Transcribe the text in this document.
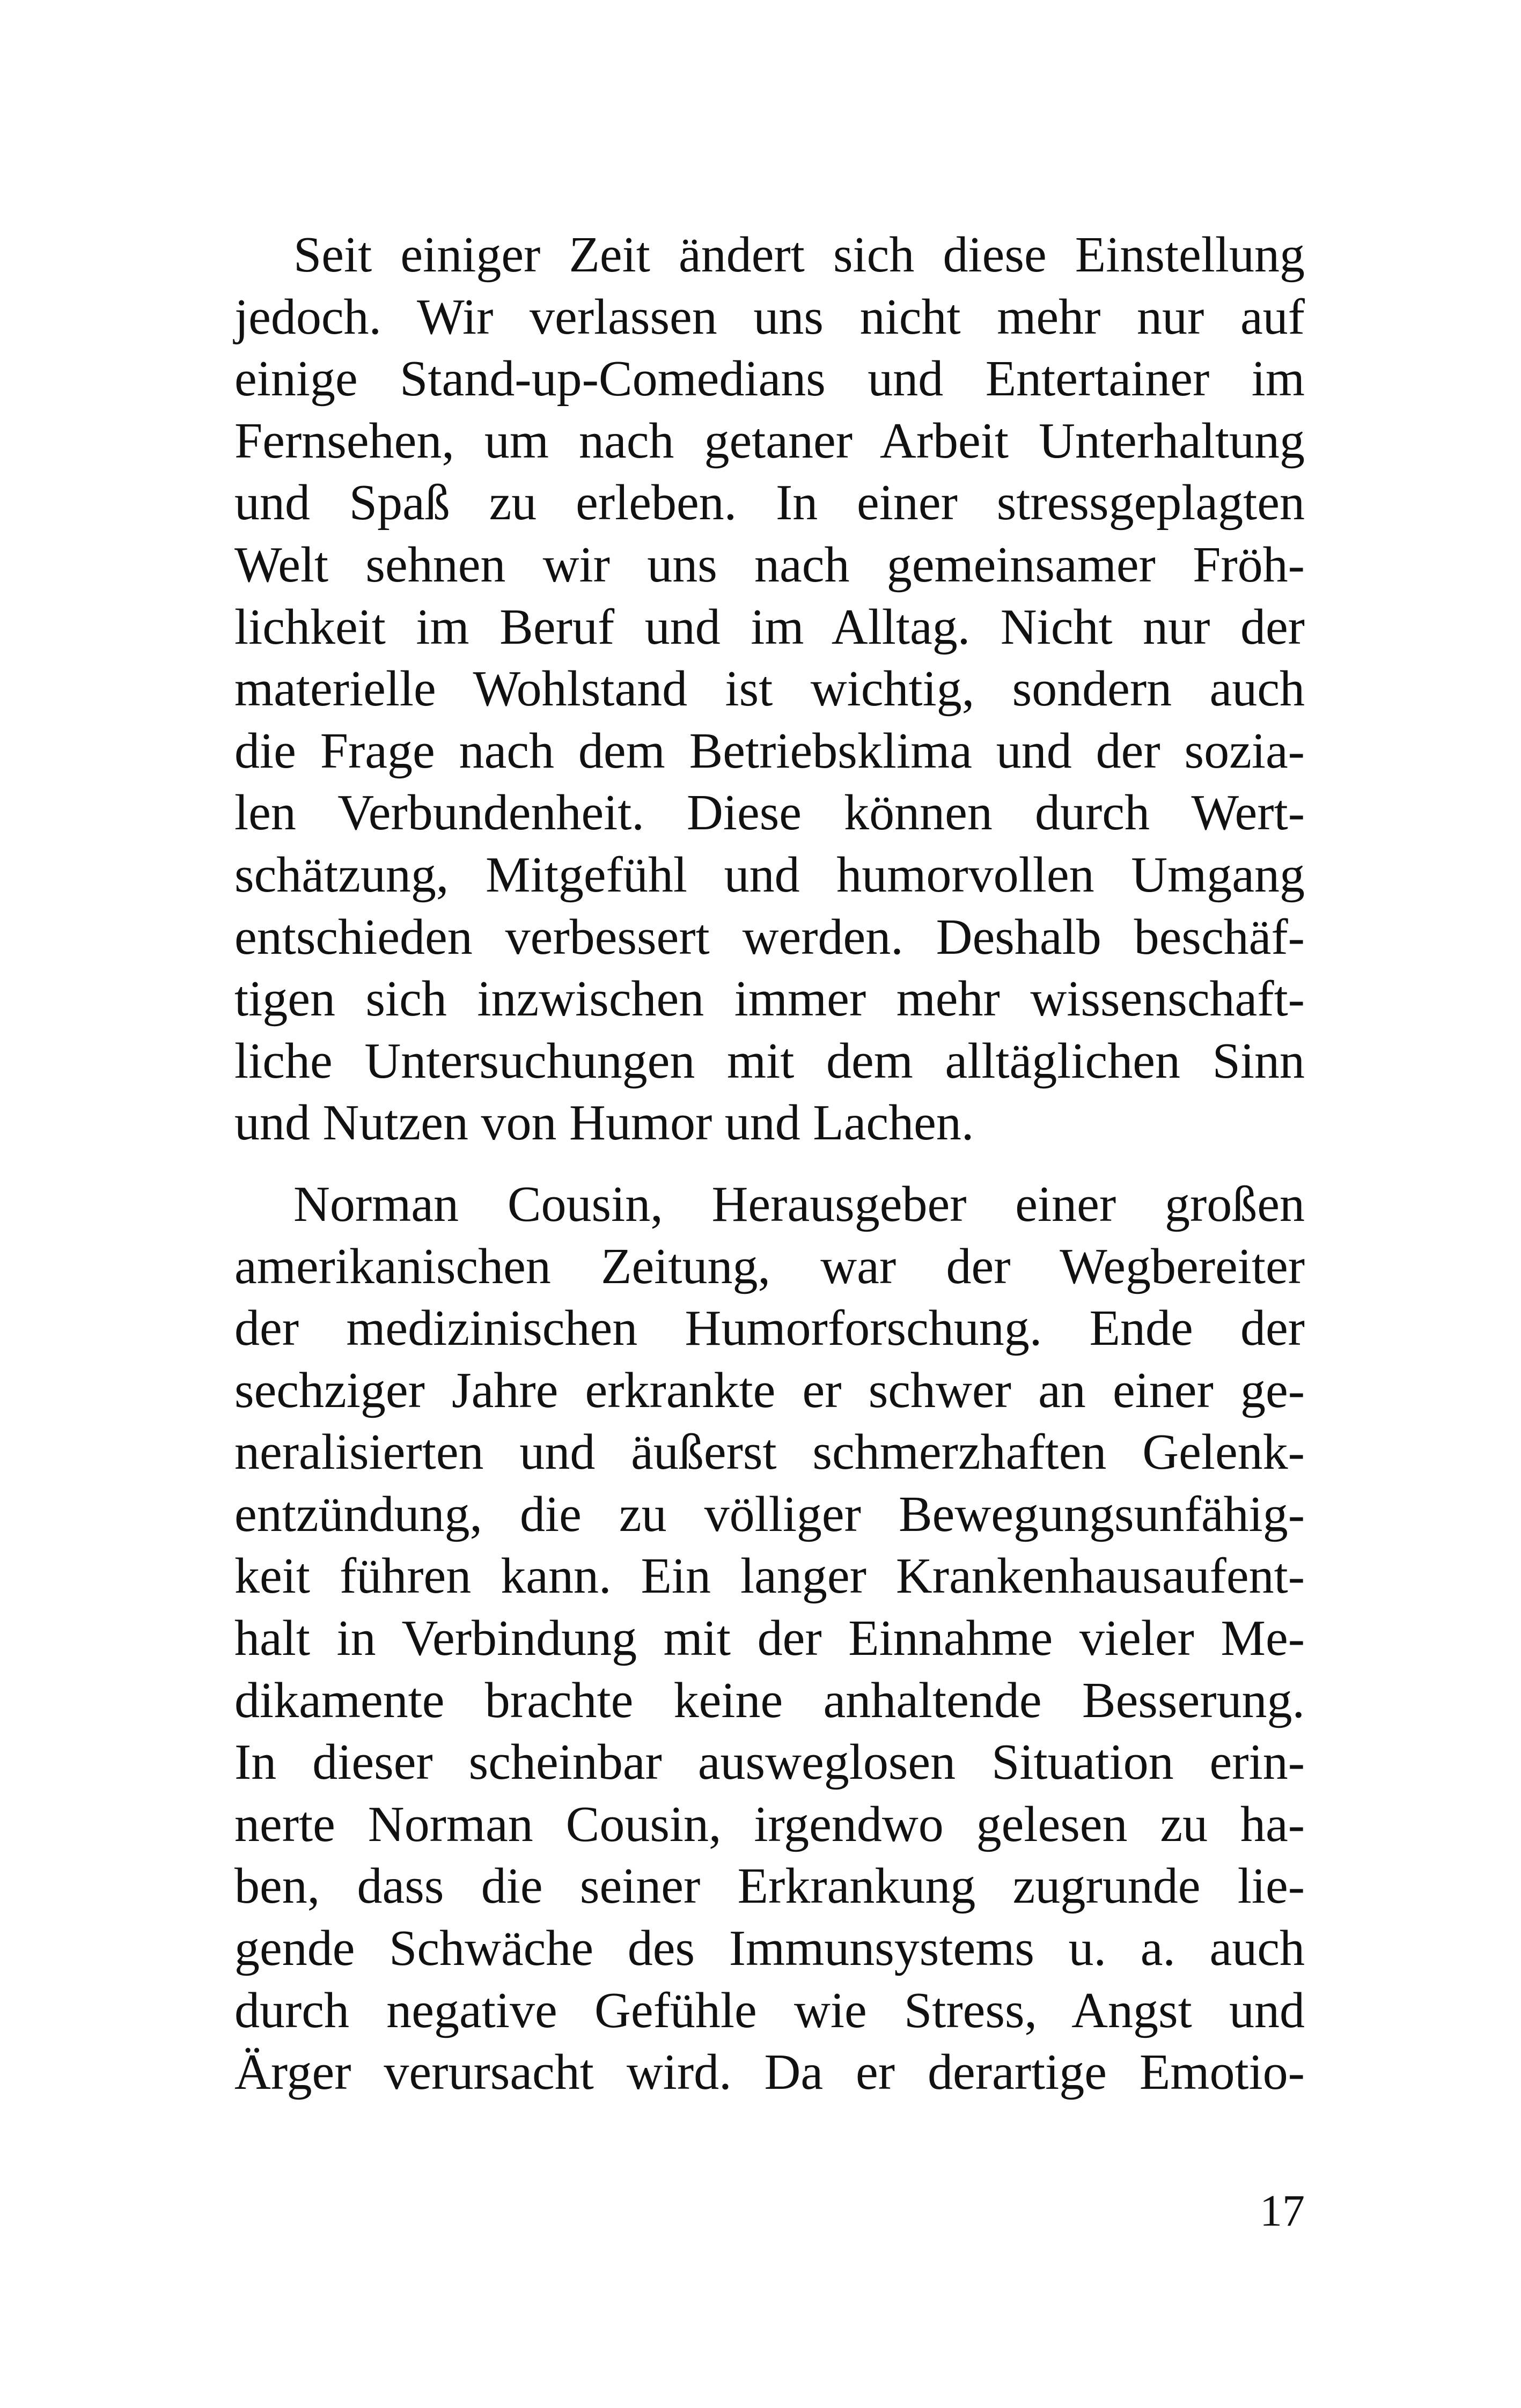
Seit einiger Zeit ändert sich diese Einstellung
jedoch. Wir verlassen uns nicht mehr nur auf
einige Stand-up-Comedians und Entertainer im
Fernsehen, um nach getaner Arbeit Unterhaltung
und Spaß zu erleben. In einer stressgeplagten
Welt sehnen wir uns nach gemeinsamer Fröh-
lichkeit im Beruf und im Alltag. Nicht nur der
materielle Wohlstand ist wichtig, sondern auch
die Frage nach dem Betriebsklima und der sozia-
len Verbundenheit. Diese können durch Wert-
schätzung, Mitgefühl und humorvollen Umgang
entschieden verbessert werden. Deshalb beschäf-
tigen sich inzwischen immer mehr wissenschaft-
liche Untersuchungen mit dem alltäglichen Sinn
und Nutzen von Humor und Lachen.
Norman Cousin, Herausgeber einer großen
amerikanischen Zeitung, war der Wegbereiter
der medizinischen Humorforschung. Ende der
sechziger Jahre erkrankte er schwer an einer ge-
neralisierten und äußerst schmerzhaften Gelenk-
entzündung, die zu völliger Bewegungsunfähig-
keit führen kann. Ein langer Krankenhausaufent-
halt in Verbindung mit der Einnahme vieler Me-
dikamente brachte keine anhaltende Besserung.
In dieser scheinbar ausweglosen Situation erin-
nerte Norman Cousin, irgendwo gelesen zu ha-
ben, dass die seiner Erkrankung zugrunde lie-
gende Schwäche des Immunsystems u. a. auch
durch negative Gefühle wie Stress, Angst und
Ärger verursacht wird. Da er derartige Emotio-
17
